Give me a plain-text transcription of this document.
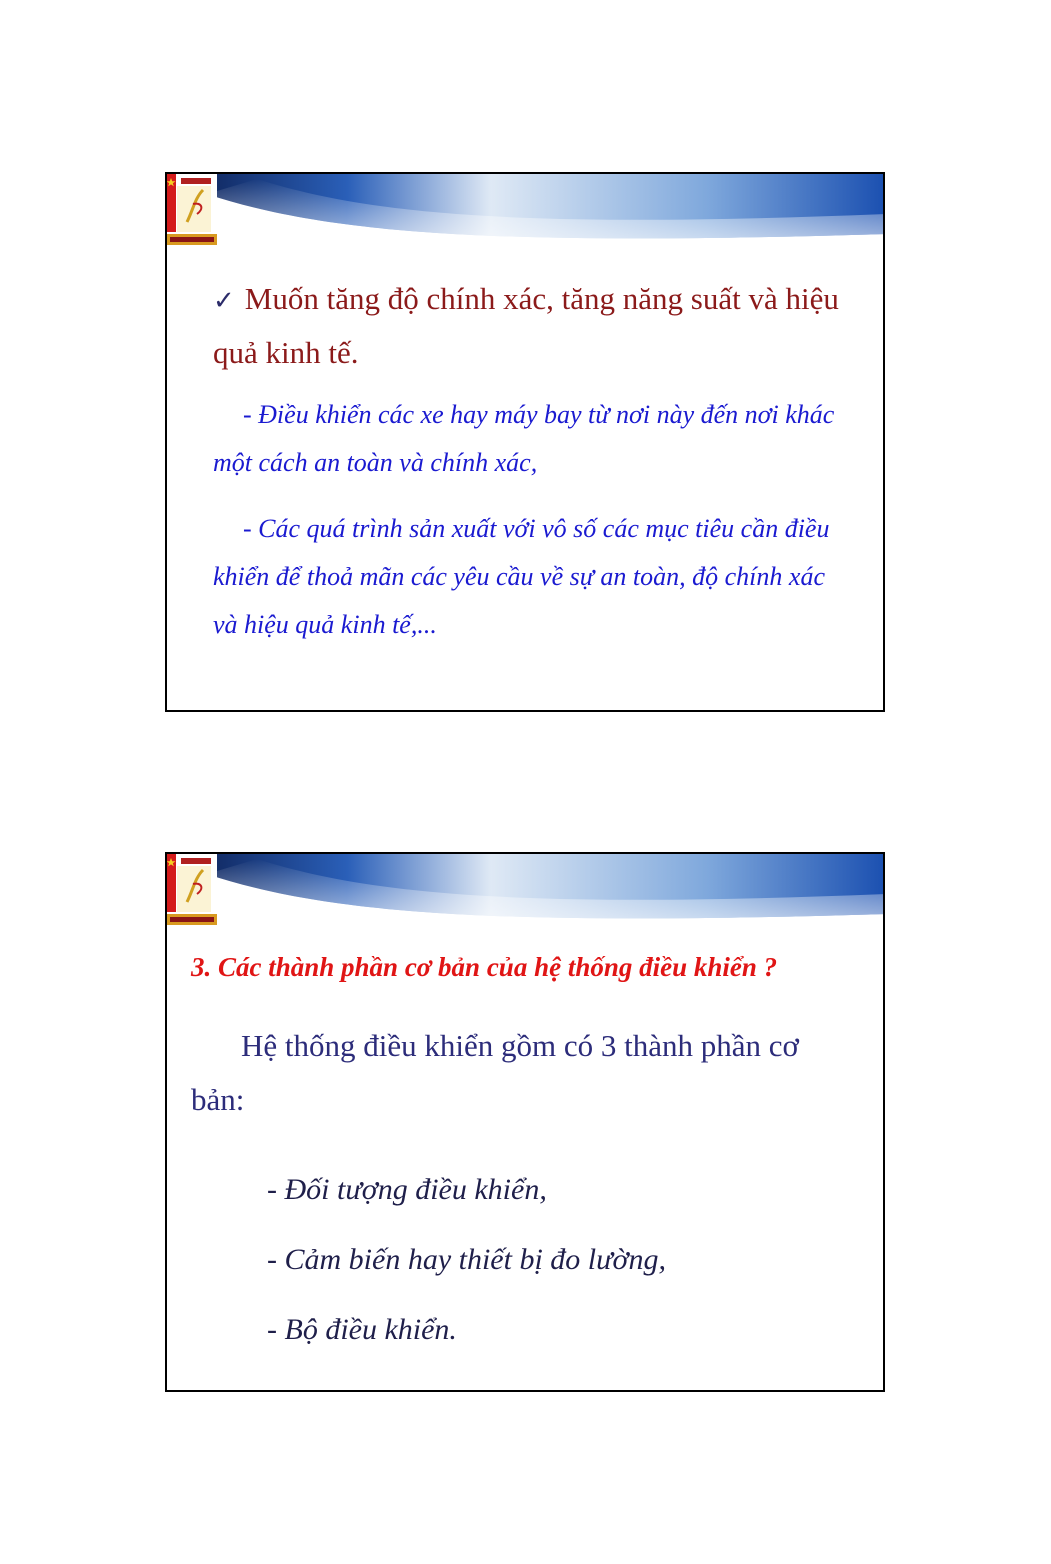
✓ Muốn tăng độ chính xác, tăng năng suất và hiệu quả kinh tế.

- Điều khiển các xe hay máy bay từ nơi này đến nơi khác một cách an toàn và chính xác,

- Các quá trình sản xuất với vô số các mục tiêu cần điều khiển để thoả mãn các yêu cầu về sự an toàn, độ chính xác và hiệu quả kinh tế,...

3. Các thành phần cơ bản của hệ thống điều khiển ?

Hệ thống điều khiển gồm có 3 thành phần cơ bản:

- Đối tượng điều khiển,
- Cảm biến hay thiết bị đo lường,
- Bộ điều khiển.
